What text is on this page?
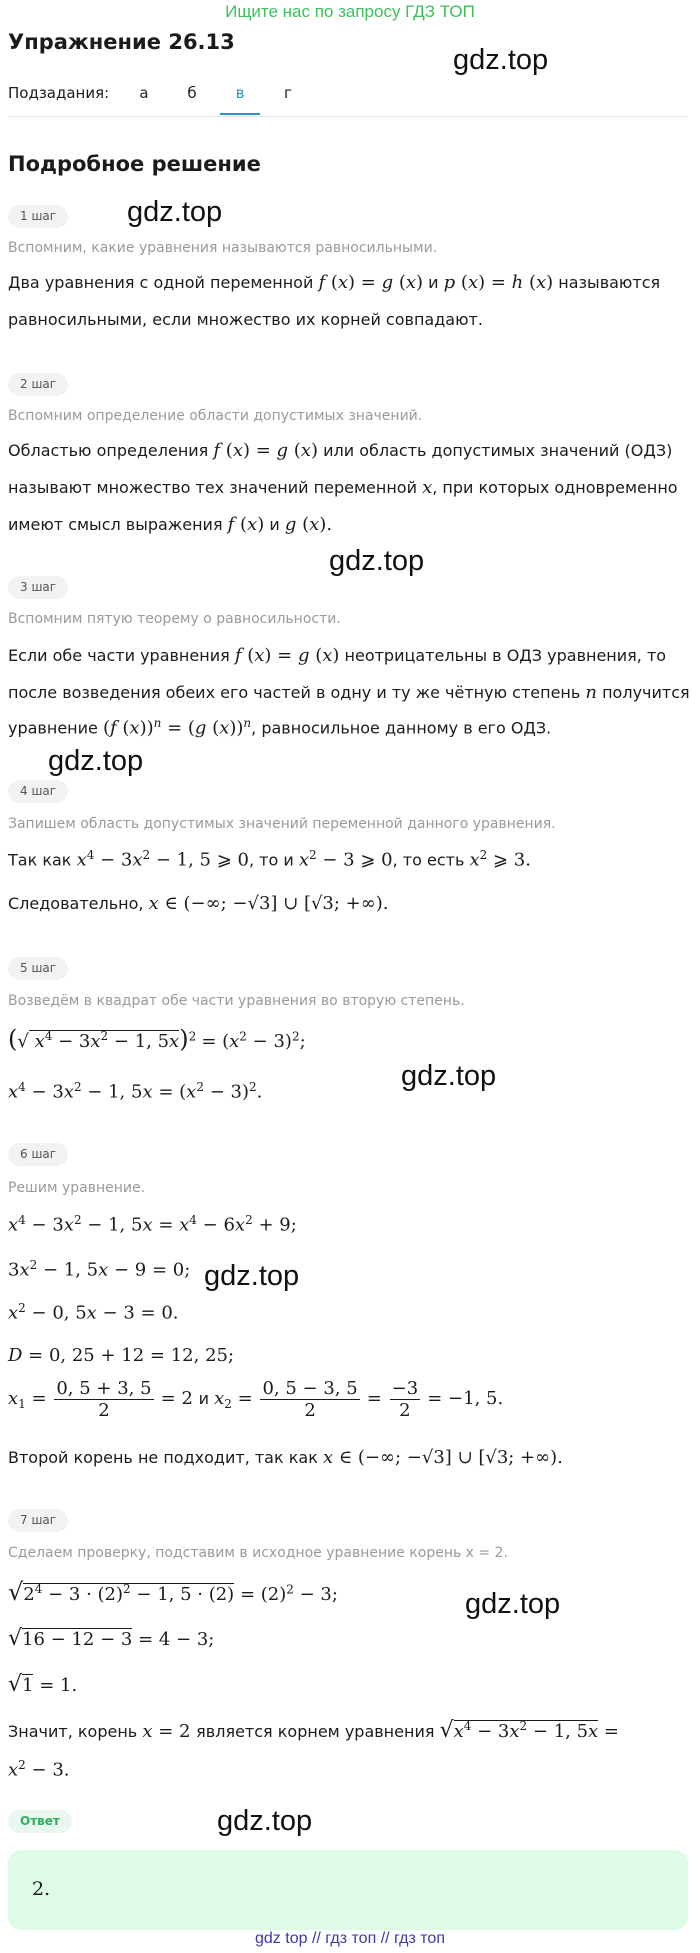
Ищите нас по запросу ГДЗ ТОП
Упражнение 26.13
Подзадания:	а	б	в	г
Подробное решение
gdz.top
gdz.top
gdz.top
gdz.top
gdz.top
gdz.top
gdz.top
gdz.top
1 шаг
Вспомним, какие уравнения называются равносильными.
Два уравнения с одной переменной f (x) = g (x) и p (x) = h (x) называются
равносильными, если множество их корней совпадают.
2 шаг
Вспомним определение области допустимых значений.
Областью определения f (x) = g (x) или область допустимых значений (ОДЗ)
называют множество тех значений переменной x, при которых одновременно
имеют смысл выражения f (x) и g (x).
3 шаг
Вспомним пятую теорему о равносильности.
Если обе части уравнения f (x) = g (x) неотрицательны в ОДЗ уравнения, то
после возведения обеих его частей в одну и ту же чётную степень n получится
уравнение (f (x))$^n$ = (g (x))$^n$, равносильное данному в его ОДЗ.
4 шаг
Запишем область допустимых значений переменной данного уравнения.
Так как $x^4 - 3x^2 - 1$, 5 ⩾ 0, то и $x^2 - 3$ ⩾ 0, то есть $x^2$ ⩾ 3.
Следовательно, x ∈ (−∞; −√3] ∪ [√3; +∞).
5 шаг
Возведём в квадрат обе части уравнения во вторую степень.
(√ $x^4 - 3x^2 - 1$, $5x)^2 = (x^2 - 3)^2$;
$x^4 - 3x^2 - 1$, $5x = (x^2 - 3)^2$.
6 шаг
Решим уравнение.
$x^4 - 3x^2 - 1$, $5x = x^4 - 6x^2 + 9$;
$3x^2 - 1$, 5x − 9 = 0;
$x^2 - 0$, 5x − 3 = 0.
D = 0, 25 + 12 = 12, 25;
$x_1 = \frac{0, 5 + 3, 5}{2} = 2$ и $x_2 = \frac{0, 5 - 3, 5}{2} = \frac{-3}{2} = -1$, 5.
Второй корень не подходит, так как x ∈ (−∞; −√3] ∪ [√3; +∞).
7 шаг
Сделаем проверку, подставим в исходное уравнение корень x = 2.
$√2^4 - 3 \cdot (2)^2 - 1$, $5 \cdot (2) = (2)^2 - 3$;
√16 − 12 − 3 = 4 − 3;
√1 = 1.
Значит, корень x = 2 является корнем уравнения $√x^4 - 3x^2 - 1$, 5x =
$x^2 - 3$.
Ответ
2.
gdz top // гдз топ // гдз топ
